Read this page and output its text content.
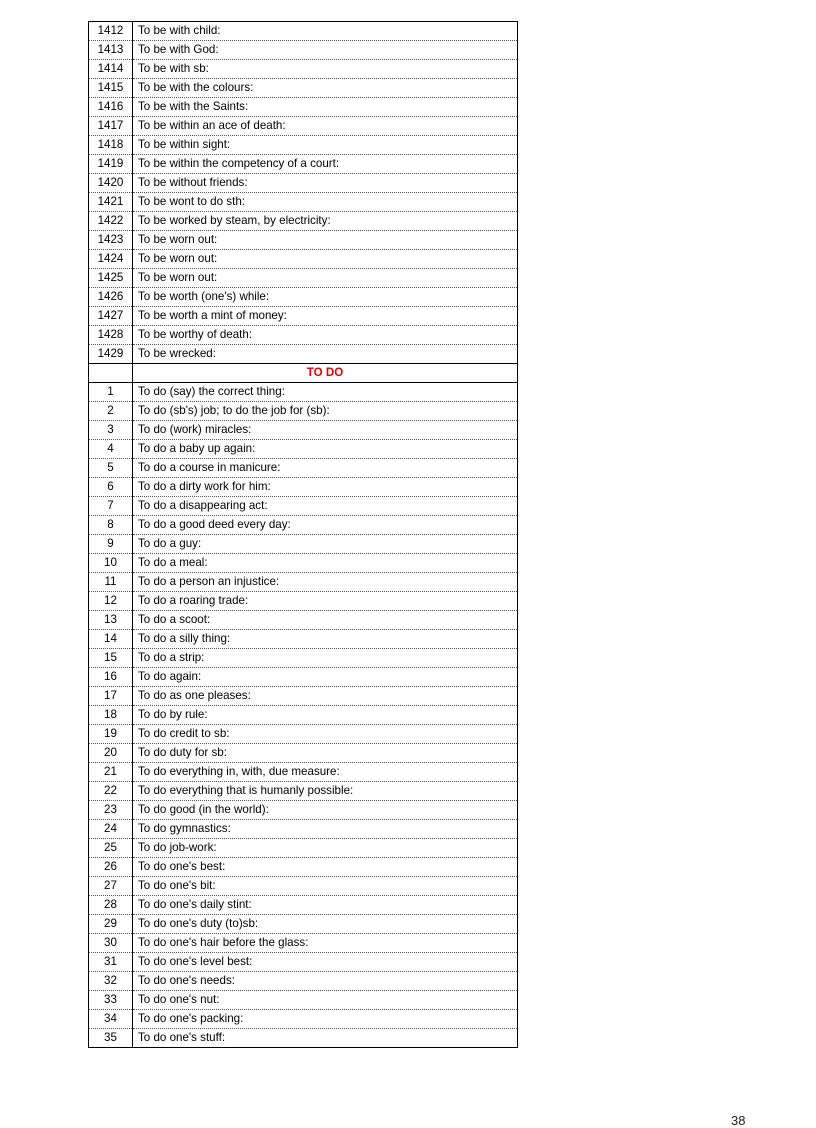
1412	To be with child:
1413	To be with God:
1414	To be with sb:
1415	To be with the colours:
1416	To be with the Saints:
1417	To be within an ace of death:
1418	To be within sight:
1419	To be within the competency of a court:
1420	To be without friends:
1421	To be wont to do sth:
1422	To be worked by steam, by electricity:
1423	To be worn out:
1424	To be worn out:
1425	To be worn out:
1426	To be worth (one's) while:
1427	To be worth a mint of money:
1428	To be worthy of death:
1429	To be wrecked:
	TO DO
1	To do (say) the correct thing:
2	To do (sb's) job; to do the job for (sb):
3	To do (work) miracles:
4	To do a baby up again:
5	To do a course in manicure:
6	To do a dirty work for him:
7	To do a disappearing act:
8	To do a good deed every day:
9	To do a guy:
10	To do a meal:
11	To do a person an injustice:
12	To do a roaring trade:
13	To do a scoot:
14	To do a silly thing:
15	To do a strip:
16	To do again:
17	To do as one pleases:
18	To do by rule:
19	To do credit to sb:
20	To do duty for sb:
21	To do everything in, with, due measure:
22	To do everything that is humanly possible:
23	To do good (in the world):
24	To do gymnastics:
25	To do job-work:
26	To do one's best:
27	To do one's bit:
28	To do one's daily stint:
29	To do one's duty (to)sb:
30	To do one's hair before the glass:
31	To do one's level best:
32	To do one's needs:
33	To do one's nut:
34	To do one's packing:
35	To do one's stuff:
38
